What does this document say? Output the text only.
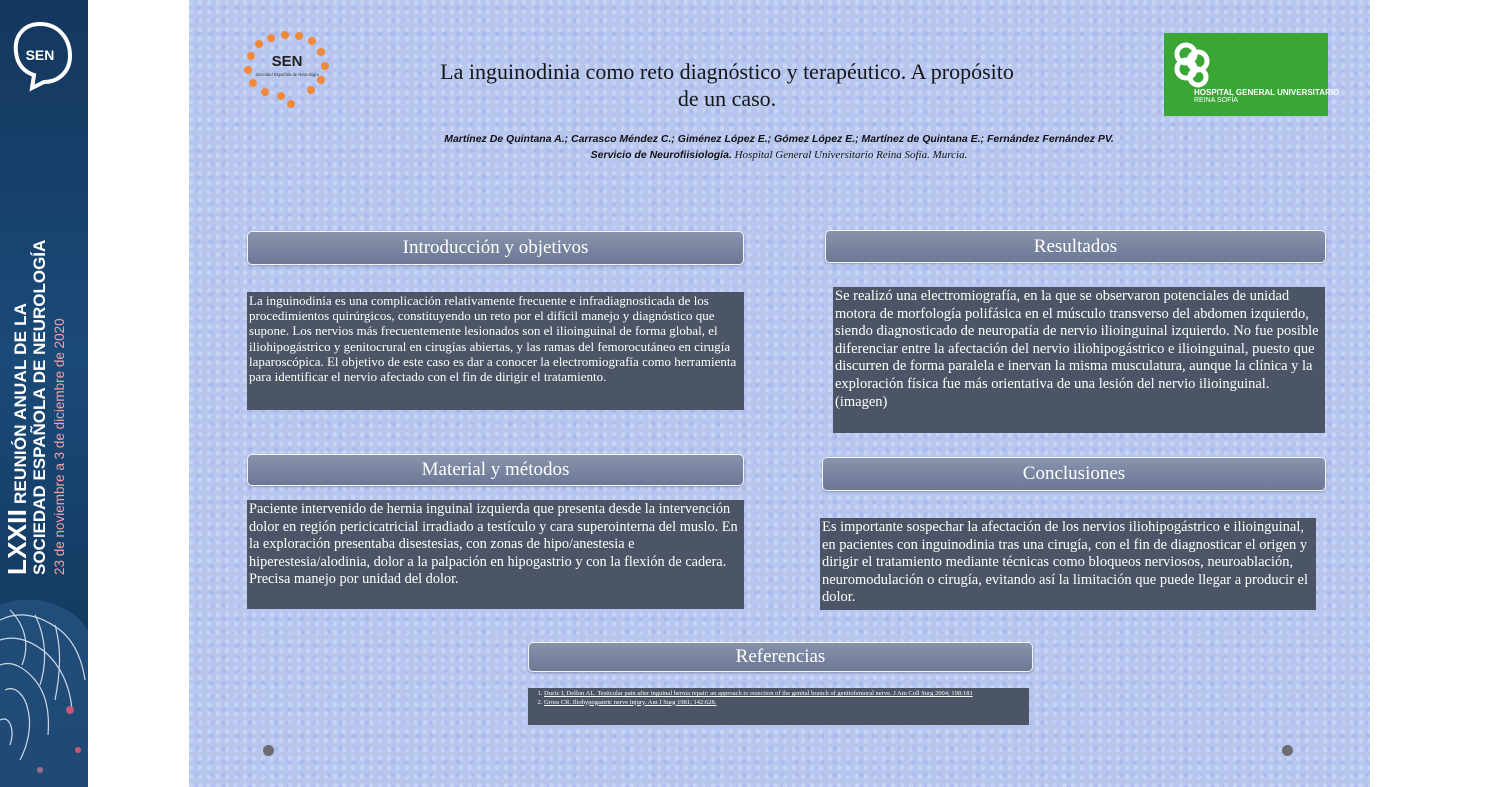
SEN
LXXII REUNIÓN ANUAL DE LA SOCIEDAD ESPAÑOLA DE NEUROLOGÍA 23 de noviembre a 3 de diciembre de 2020
SEN
Sociedad Española de Neurología	La inguinodinia como reto diagnóstico y terapéutico. A propósito de un caso.	HOSPITAL GENERAL UNIVERSITARIO
REINA SOFÍA
Martínez De Quintana A.; Carrasco Méndez C.; Giménez López E.; Gómez López E.; Martínez de Quintana E.; Fernández Fernández PV.
Servicio de Neurofiisiología. Hospital General Universitario Reina Sofía. Murcia.
Introducción y objetivos
La inguinodinia es una complicación relativamente frecuente e infradiagnosticada de los procedimientos quirúrgicos, constituyendo un reto por el difícil manejo y diagnóstico que supone. Los nervios más frecuentemente lesionados son el ilioinguinal de forma global, el iliohipogástrico y genitocrural en cirugías abiertas, y las ramas del femorocutáneo en cirugía laparoscópica. El objetivo de este caso es dar a conocer la electromiografía como herramienta para identificar el nervio afectado con el fin de dirigir el tratamiento.
Material y métodos
Paciente intervenido de hernia inguinal izquierda que presenta desde la intervención dolor en región pericicatricial irradiado a testículo y cara superointerna del muslo. En la exploración presentaba disestesias, con zonas de hipo/anestesia e hiperestesia/alodinia, dolor a la palpación en hipogastrio y con la flexión de cadera. Precisa manejo por unidad del dolor.
Resultados
Se realizó una electromiografía, en la que se observaron potenciales de unidad motora de morfología polifásica en el músculo transverso del abdomen izquierdo, siendo diagnosticado de neuropatía de nervio ilioinguinal izquierdo. No fue posible diferenciar entre la afectación del nervio iliohipogástrico e ilioinguinal, puesto que discurren de forma paralela e inervan la misma musculatura, aunque la clínica y la exploración física fue más orientativa de una lesión del nervio ilioinguinal. (imagen)
Conclusiones
Es importante sospechar la afectación de los nervios iliohipogástrico e ilioinguinal, en pacientes con inguinodinia tras una cirugía, con el fin de diagnosticar el origen y dirigir el tratamiento mediante técnicas como bloqueos nerviosos, neuroablación, neuromodulación o cirugía, evitando así la limitación que puede llegar a producir el dolor.
Referencias
1. Ducic I, Dellon AL. Testicular pain after inguinal hernia repair: an approach to resection of the genital branch of genitofemoral nerve. J Am Coll Surg 2004; 198:181
2. Gross CR. Iliohypogastric nerve injury. Am J Surg 1981; 142:628.
